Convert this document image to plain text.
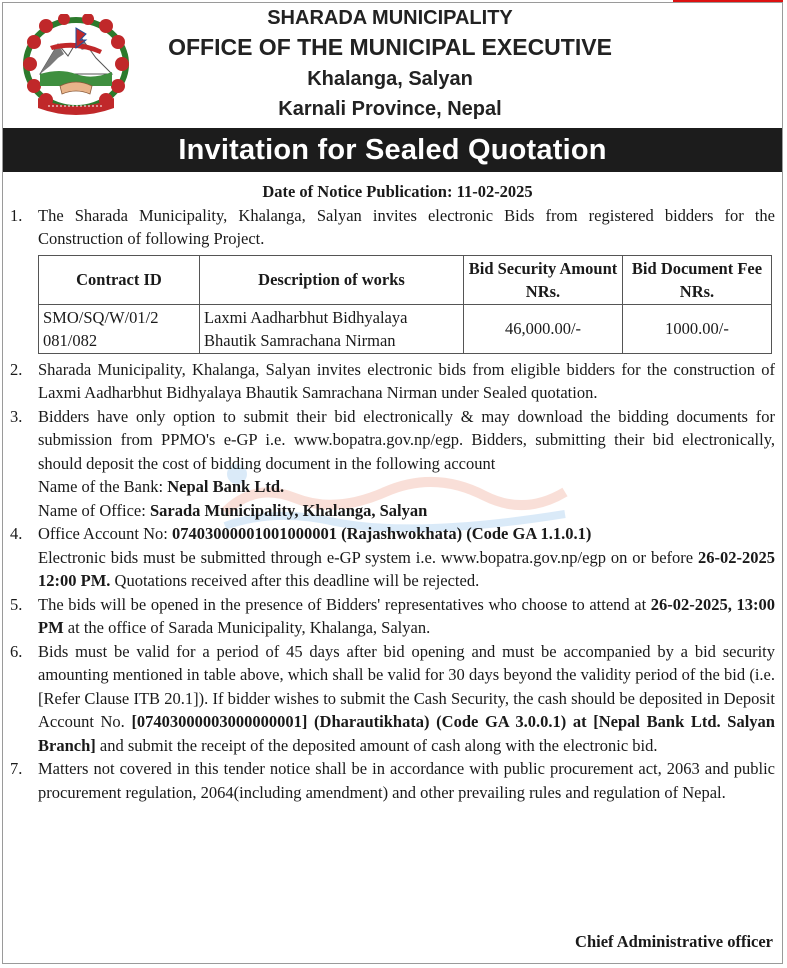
SHARADA MUNICIPALITY
OFFICE OF THE MUNICIPAL EXECUTIVE
Khalanga, Salyan
Karnali Province, Nepal
Invitation for Sealed Quotation
Date of Notice Publication: 11-02-2025
1. The Sharada Municipality, Khalanga, Salyan invites electronic Bids from registered bidders for the Construction of following Project.
Contract ID	Description of works	Bid Security Amount NRs.	Bid Document Fee NRs.
SMO/SQ/W/01/2 081/082	Laxmi Aadharbhut Bidhyalaya Bhautik Samrachana Nirman	46,000.00/-	1000.00/-
2. Sharada Municipality, Khalanga, Salyan invites electronic bids from eligible bidders for the construction of Laxmi Aadharbhut Bidhyalaya Bhautik Samrachana Nirman under Sealed quotation.
3. Bidders have only option to submit their bid electronically & may download the bidding documents for submission from PPMO's e-GP i.e. www.bopatra.gov.np/egp. Bidders, submitting their bid electronically, should deposit the cost of bidding document in the following account
Name of the Bank: Nepal Bank Ltd.
Name of Office: Sarada Municipality, Khalanga, Salyan
4. Office Account No: 07403000001001000001 (Rajashwokhata) (Code GA 1.1.0.1)
Electronic bids must be submitted through e-GP system i.e. www.bopatra.gov.np/egp on or before 26-02-2025 12:00 PM. Quotations received after this deadline will be rejected.
5. The bids will be opened in the presence of Bidders' representatives who choose to attend at 26-02-2025, 13:00 PM at the office of Sarada Municipality, Khalanga, Salyan.
6. Bids must be valid for a period of 45 days after bid opening and must be accompanied by a bid security amounting mentioned in table above, which shall be valid for 30 days beyond the validity period of the bid (i.e. [Refer Clause ITB 20.1]). If bidder wishes to submit the Cash Security, the cash should be deposited in Deposit Account No. [07403000003000000001] (Dharautikhata) (Code GA 3.0.0.1) at [Nepal Bank Ltd. Salyan Branch] and submit the receipt of the deposited amount of cash along with the electronic bid.
7. Matters not covered in this tender notice shall be in accordance with public procurement act, 2063 and public procurement regulation, 2064(including amendment) and other prevailing rules and regulation of Nepal.
Chief Administrative officer
